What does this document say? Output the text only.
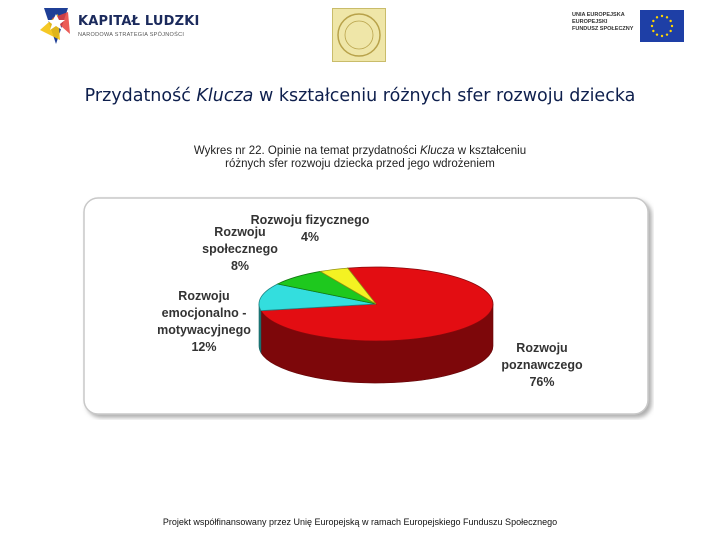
KAPITAŁ LUDZKI
NARODOWA STRATEGIA SPÓJNOŚCI
UNIA EUROPEJSKA
EUROPEJSKI
FUNDUSZ SPOŁECZNY
Przydatność Klucza w kształceniu różnych sfer rozwoju dziecka
Wykres nr 22. Opinie na temat przydatności Klucza w kształceniu
różnych sfer rozwoju dziecka przed jego wdrożeniem
Rozwoju poznawczego 76%
Rozwoju emocjonalno -motywacyjnego 12%
Rozwoju społecznego 8%
Rozwoju fizycznego 4%
Projekt współfinansowany przez Unię Europejską w ramach Europejskiego Funduszu Społecznego
